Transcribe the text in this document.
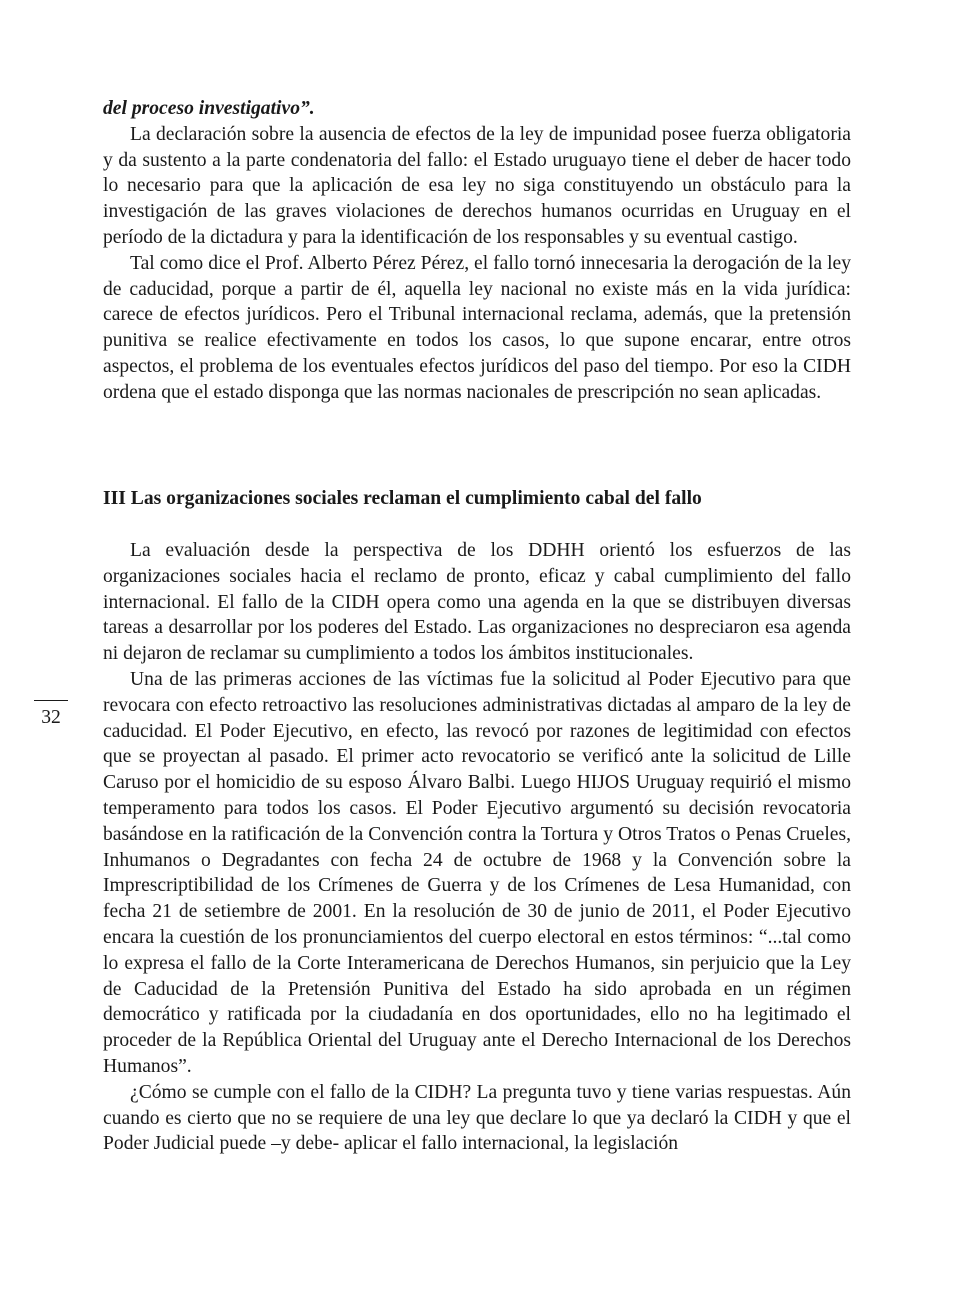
del proceso investigativo”.

La declaración sobre la ausencia de efectos de la ley de impunidad posee fuerza obligatoria y da sustento a la parte condenatoria del fallo: el Estado uruguayo tiene el deber de hacer todo lo necesario para que la aplicación de esa ley no siga constituyendo un obstáculo para la investigación de las graves violaciones de derechos humanos ocurridas en Uruguay en el período de la dictadura y para la identificación de los responsables y su eventual castigo.

Tal como dice el Prof. Alberto Pérez Pérez, el fallo tornó innecesaria la derogación de la ley de caducidad, porque a partir de él, aquella ley nacional no existe más en la vida jurídica: carece de efectos jurídicos. Pero el Tribunal internacional reclama, además, que la pretensión punitiva se realice efectivamente en todos los casos, lo que supone encarar, entre otros aspectos, el problema de los eventuales efectos jurídicos del paso del tiempo. Por eso la CIDH ordena que el estado disponga que las normas nacionales de prescripción no sean aplicadas.

III Las organizaciones sociales reclaman el cumplimiento cabal del fallo

La evaluación desde la perspectiva de los DDHH orientó los esfuerzos de las organizaciones sociales hacia el reclamo de pronto, eficaz y cabal cumplimiento del fallo internacional. El fallo de la CIDH opera como una agenda en la que se distribuyen diversas tareas a desarrollar por los poderes del Estado. Las organizaciones no despreciaron esa agenda ni dejaron de reclamar su cumplimiento a todos los ámbitos institucionales.

Una de las primeras acciones de las víctimas fue la solicitud al Poder Ejecutivo para que revocara con efecto retroactivo las resoluciones administrativas dictadas al amparo de la ley de caducidad. El Poder Ejecutivo, en efecto, las revocó por razones de legitimidad con efectos que se proyectan al pasado. El primer acto revocatorio se verificó ante la solicitud de Lille Caruso por el homicidio de su esposo Álvaro Balbi. Luego HIJOS Uruguay requirió el mismo temperamento para todos los casos. El Poder Ejecutivo argumentó su decisión revocatoria basándose en la ratificación de la Convención contra la Tortura y Otros Tratos o Penas Crueles, Inhumanos o Degradantes con fecha 24 de octubre de 1968 y la Convención sobre la Imprescriptibilidad de los Crímenes de Guerra y de los Crímenes de Lesa Humanidad, con fecha 21 de setiembre de 2001. En la resolución de 30 de junio de 2011, el Poder Ejecutivo encara la cuestión de los pronunciamientos del cuerpo electoral en estos términos: “...tal como lo expresa el fallo de la Corte Interamericana de Derechos Humanos, sin perjuicio que la Ley de Caducidad de la Pretensión Punitiva del Estado ha sido aprobada en un régimen democrático y ratificada por la ciudadanía en dos oportunidades, ello no ha legitimado el proceder de la República Oriental del Uruguay ante el Derecho Internacional de los Derechos Humanos”.

¿Cómo se cumple con el fallo de la CIDH? La pregunta tuvo y tiene varias respuestas. Aún cuando es cierto que no se requiere de una ley que declare lo que ya declaró la CIDH y que el Poder Judicial puede –y debe- aplicar el fallo internacional, la legislación

32
